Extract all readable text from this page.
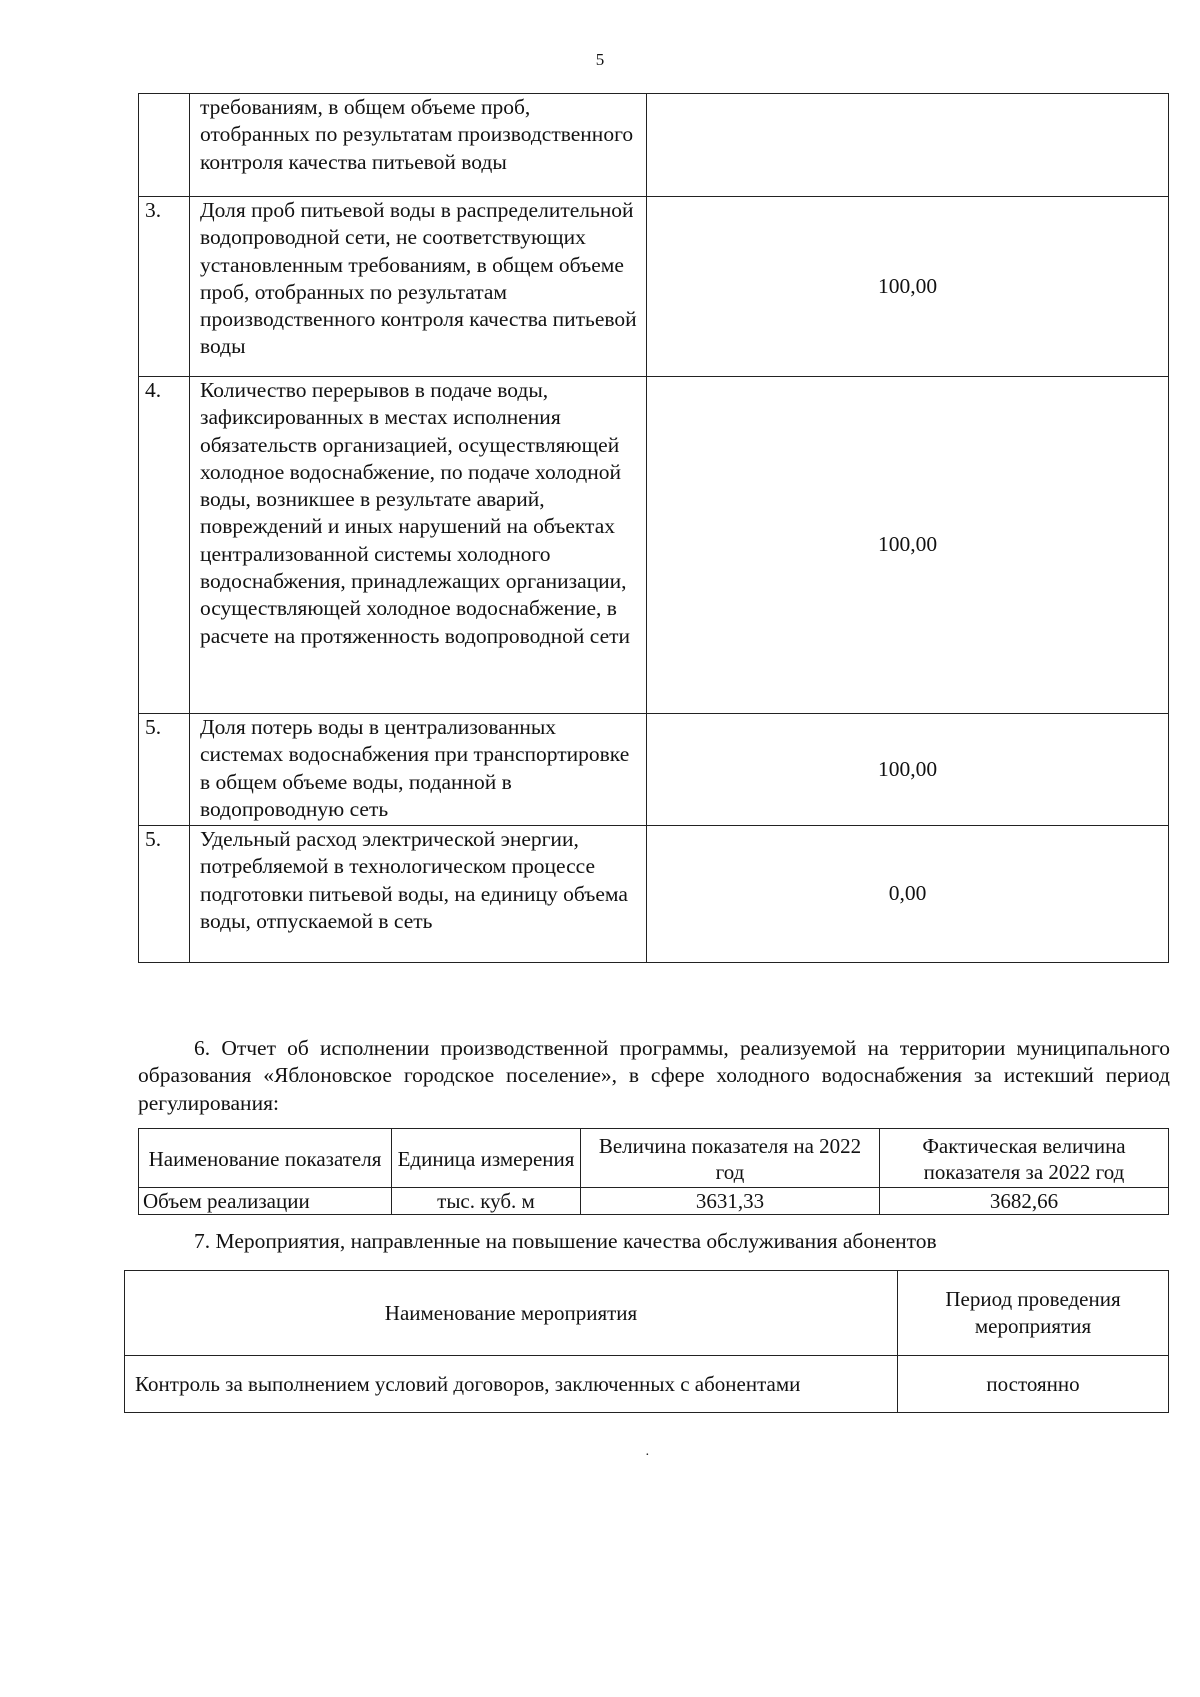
5
	требованиям, в общем объеме проб, отобранных по результатам производственного контроля качества питьевой воды	
3.	Доля проб питьевой воды в распределительной водопроводной сети, не соответствующих установленным требованиям, в общем объеме проб, отобранных по результатам производственного контроля качества питьевой воды	100,00
4.	Количество перерывов в подаче воды, зафиксированных в местах исполнения обязательств организацией, осуществляющей холодное водоснабжение, по подаче холодной воды, возникшее в результате аварий, повреждений и иных нарушений на объектах централизованной системы холодного водоснабжения, принадлежащих организации, осуществляющей холодное водоснабжение, в расчете на протяженность водопроводной сети	100,00
5.	Доля потерь воды в централизованных системах водоснабжения при транспортировке в общем объеме воды, поданной в водопроводную сеть	100,00
5.	Удельный расход электрической энергии, потребляемой в технологическом процессе подготовки питьевой воды, на единицу объема воды, отпускаемой в сеть	0,00
6. Отчет об исполнении производственной программы, реализуемой на территории муниципального образования «Яблоновское городское поселение», в сфере холодного водоснабжения за истекший период регулирования:
Наименование показателя	Единица измерения	Величина показателя на 2022 год	Фактическая величина показателя за 2022 год
Объем реализации	тыс. куб. м	3631,33	3682,66
7. Мероприятия, направленные на повышение качества обслуживания абонентов
Наименование мероприятия	Период проведения мероприятия
Контроль за выполнением условий договоров, заключенных с абонентами	постоянно
·
